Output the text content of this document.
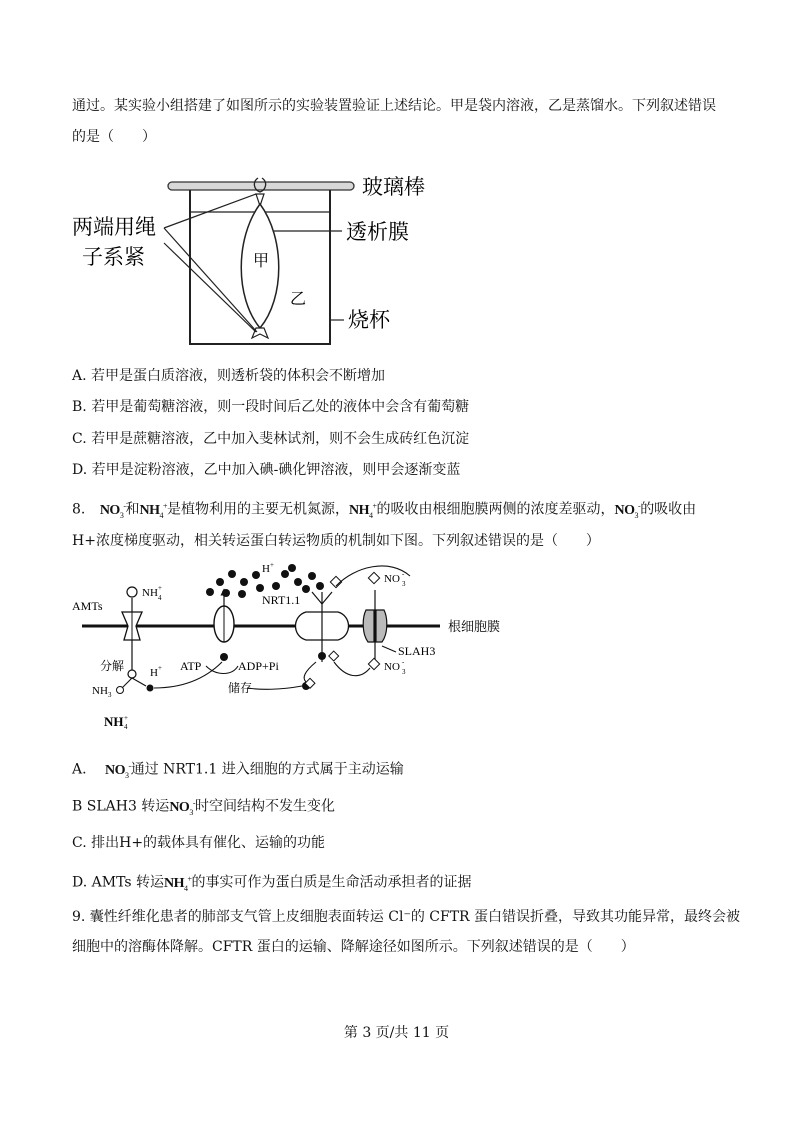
通过。某实验小组搭建了如图所示的实验装置验证上述结论。甲是袋内溶液，乙是蒸馏水。下列叙述错误
的是（　　）
玻璃棒
两端用绳
子系紧
透析膜
甲
乙
烧杯
A. 若甲是蛋白质溶液，则透析袋的体积会不断增加
B. 若甲是葡萄糖溶液，则一段时间后乙处的液体中会含有葡萄糖
C. 若甲是蔗糖溶液，乙中加入斐林试剂，则不会生成砖红色沉淀
D. 若甲是淀粉溶液，乙中加入碘-碘化钾溶液，则甲会逐渐变蓝
8. $NO_3^-$和$NH_4^+$是植物利用的主要无机氮源，$NH_4^+$的吸收由根细胞膜两侧的浓度差驱动，$NO_3^-$的吸收由
H+浓度梯度驱动，相关转运蛋白转运物质的机制如下图。下列叙述错误的是（　　）
根细胞膜
H +
NH +
4
AMTs	NRT1.1
NO -
3
SLAH3
NO -
3
ATP	ADP+Pi
分解 H +
NH 3	储存
NH +
4
A. $NO_3^-$通过 NRT1.1 进入细胞的方式属于主动运输
B SLAH3 转运$NO_3^-$时空间结构不发生变化
C. 排出H+的载体具有催化、运输的功能
D. AMTs 转运$NH_4^+$的事实可作为蛋白质是生命活动承担者的证据
9. 囊性纤维化患者的肺部支气管上皮细胞表面转运 Cl⁻的 CFTR 蛋白错误折叠，导致其功能异常，最终会被
细胞中的溶酶体降解。CFTR 蛋白的运输、降解途径如图所示。下列叙述错误的是（　　）
第 3 页/共 11 页
